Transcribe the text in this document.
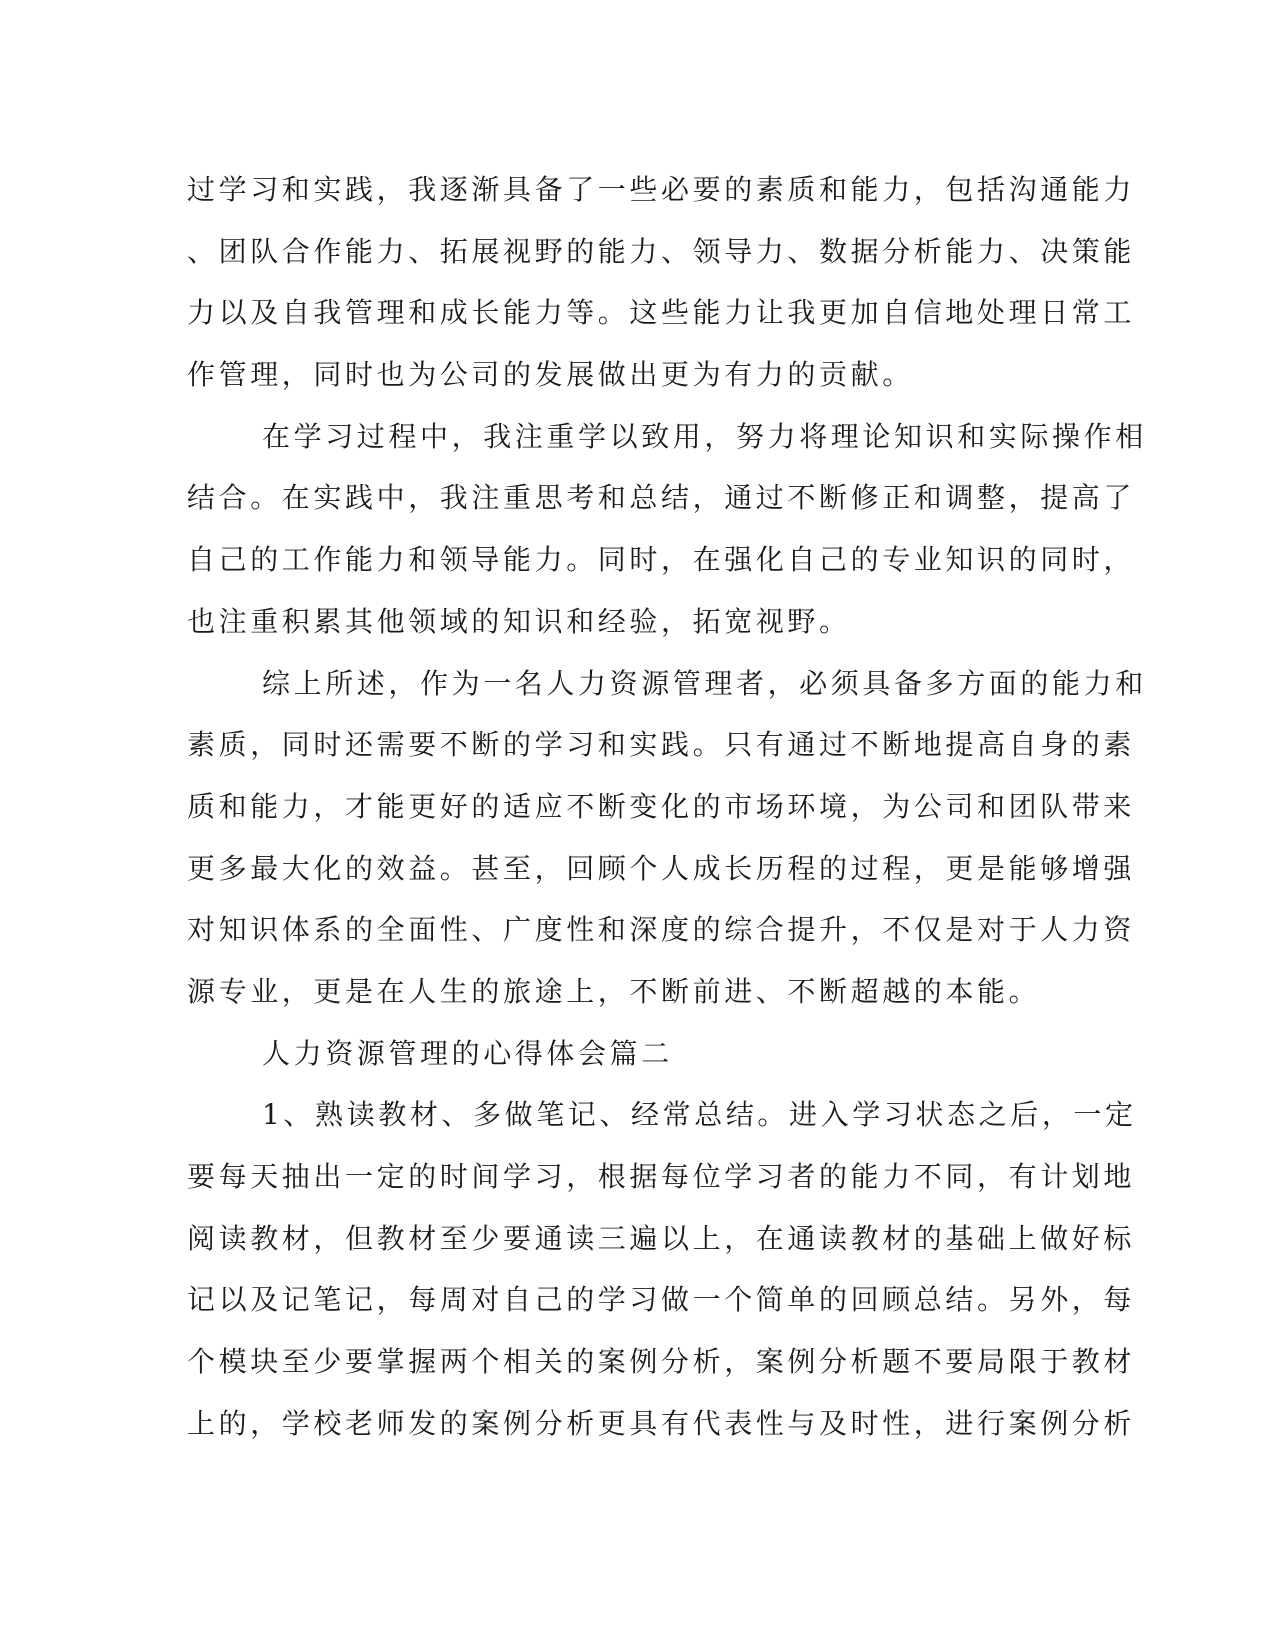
过学习和实践，我逐渐具备了一些必要的素质和能力，包括沟通能力
、团队合作能力、拓展视野的能力、领导力、数据分析能力、决策能
力以及自我管理和成长能力等。这些能力让我更加自信地处理日常工
作管理，同时也为公司的发展做出更为有力的贡献。
在学习过程中，我注重学以致用，努力将理论知识和实际操作相
结合。在实践中，我注重思考和总结，通过不断修正和调整，提高了
自己的工作能力和领导能力。同时，在强化自己的专业知识的同时，
也注重积累其他领域的知识和经验，拓宽视野。
综上所述，作为一名人力资源管理者，必须具备多方面的能力和
素质，同时还需要不断的学习和实践。只有通过不断地提高自身的素
质和能力，才能更好的适应不断变化的市场环境，为公司和团队带来
更多最大化的效益。甚至，回顾个人成长历程的过程，更是能够增强
对知识体系的全面性、广度性和深度的综合提升，不仅是对于人力资
源专业，更是在人生的旅途上，不断前进、不断超越的本能。
人力资源管理的心得体会篇二
1、熟读教材、多做笔记、经常总结。进入学习状态之后，一定
要每天抽出一定的时间学习，根据每位学习者的能力不同，有计划地
阅读教材，但教材至少要通读三遍以上，在通读教材的基础上做好标
记以及记笔记，每周对自己的学习做一个简单的回顾总结。另外，每
个模块至少要掌握两个相关的案例分析，案例分析题不要局限于教材
上的，学校老师发的案例分析更具有代表性与及时性，进行案例分析
